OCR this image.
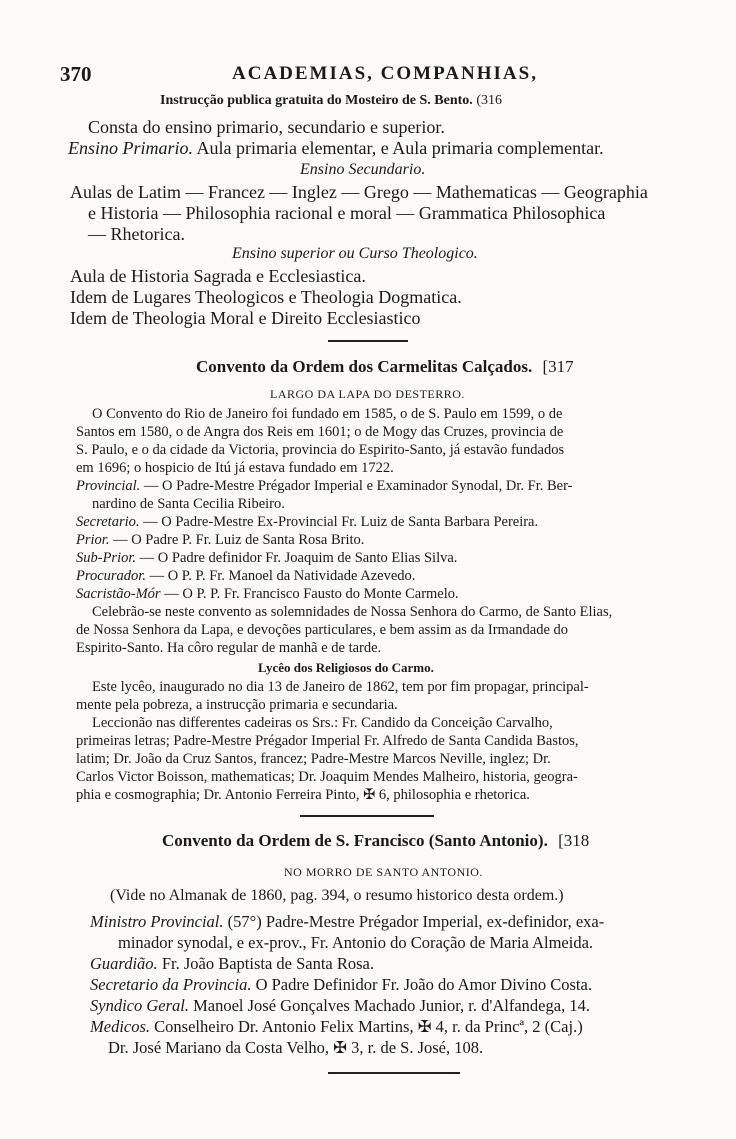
370	ACADEMIAS, COMPANHIAS,
Instrucção publica gratuita do Mosteiro de S. Bento. (316
Consta do ensino primario, secundario e superior.
Ensino Primario. Aula primaria elementar, e Aula primaria complementar.
Ensino Secundario.
Aulas de Latim — Francez — Inglez — Grego — Mathematicas — Geographia
e Historia — Philosophia racional e moral — Grammatica Philosophica
— Rhetorica.
Ensino superior ou Curso Theologico.
Aula de Historia Sagrada e Ecclesiastica.
Idem de Lugares Theologicos e Theologia Dogmatica.
Idem de Theologia Moral e Direito Ecclesiastico
Convento da Ordem dos Carmelitas Calçados. [317
LARGO DA LAPA DO DESTERRO.
O Convento do Rio de Janeiro foi fundado em 1585, o de S. Paulo em 1599, o de
Santos em 1580, o de Angra dos Reis em 1601; o de Mogy das Cruzes, provincia de
S. Paulo, e o da cidade da Victoria, provincia do Espirito-Santo, já estavão fundados
em 1696; o hospicio de Itú já estava fundado em 1722.
Provincial. — O Padre-Mestre Prégador Imperial e Examinador Synodal, Dr. Fr. Ber-
nardino de Santa Cecilia Ribeiro.
Secretario. — O Padre-Mestre Ex-Provincial Fr. Luiz de Santa Barbara Pereira.
Prior. — O Padre P. Fr. Luiz de Santa Rosa Brito.
Sub-Prior. — O Padre definidor Fr. Joaquim de Santo Elias Silva.
Procurador. — O P. P. Fr. Manoel da Natividade Azevedo.
Sacristão-Mór — O P. P. Fr. Francisco Fausto do Monte Carmelo.
Celebrão-se neste convento as solemnidades de Nossa Senhora do Carmo, de Santo Elias,
de Nossa Senhora da Lapa, e devoções particulares, e bem assim as da Irmandade do
Espirito-Santo. Ha côro regular de manhã e de tarde.
Lycêo dos Religiosos do Carmo.
Este lycêo, inaugurado no dia 13 de Janeiro de 1862, tem por fim propagar, principal-
mente pela pobreza, a instrucção primaria e secundaria.
Leccionão nas differentes cadeiras os Srs.: Fr. Candido da Conceição Carvalho,
primeiras letras; Padre-Mestre Prégador Imperial Fr. Alfredo de Santa Candida Bastos,
latim; Dr. João da Cruz Santos, francez; Padre-Mestre Marcos Neville, inglez; Dr.
Carlos Victor Boisson, mathematicas; Dr. Joaquim Mendes Malheiro, historia, geogra-
phia e cosmographia; Dr. Antonio Ferreira Pinto, ✠ 6, philosophia e rhetorica.
Convento da Ordem de S. Francisco (Santo Antonio). [318
NO MORRO DE SANTO ANTONIO.
(Vide no Almanak de 1860, pag. 394, o resumo historico desta ordem.)
Ministro Provincial. (57°) Padre-Mestre Prégador Imperial, ex-definidor, exa-
minador synodal, e ex-prov., Fr. Antonio do Coração de Maria Almeida.
Guardião. Fr. João Baptista de Santa Rosa.
Secretario da Provincia. O Padre Definidor Fr. João do Amor Divino Costa.
Syndico Geral. Manoel José Gonçalves Machado Junior, r. d'Alfandega, 14.
Medicos. Conselheiro Dr. Antonio Felix Martins, ✠ 4, r. da Princª, 2 (Caj.)
Dr. José Mariano da Costa Velho, ✠ 3, r. de S. José, 108.
